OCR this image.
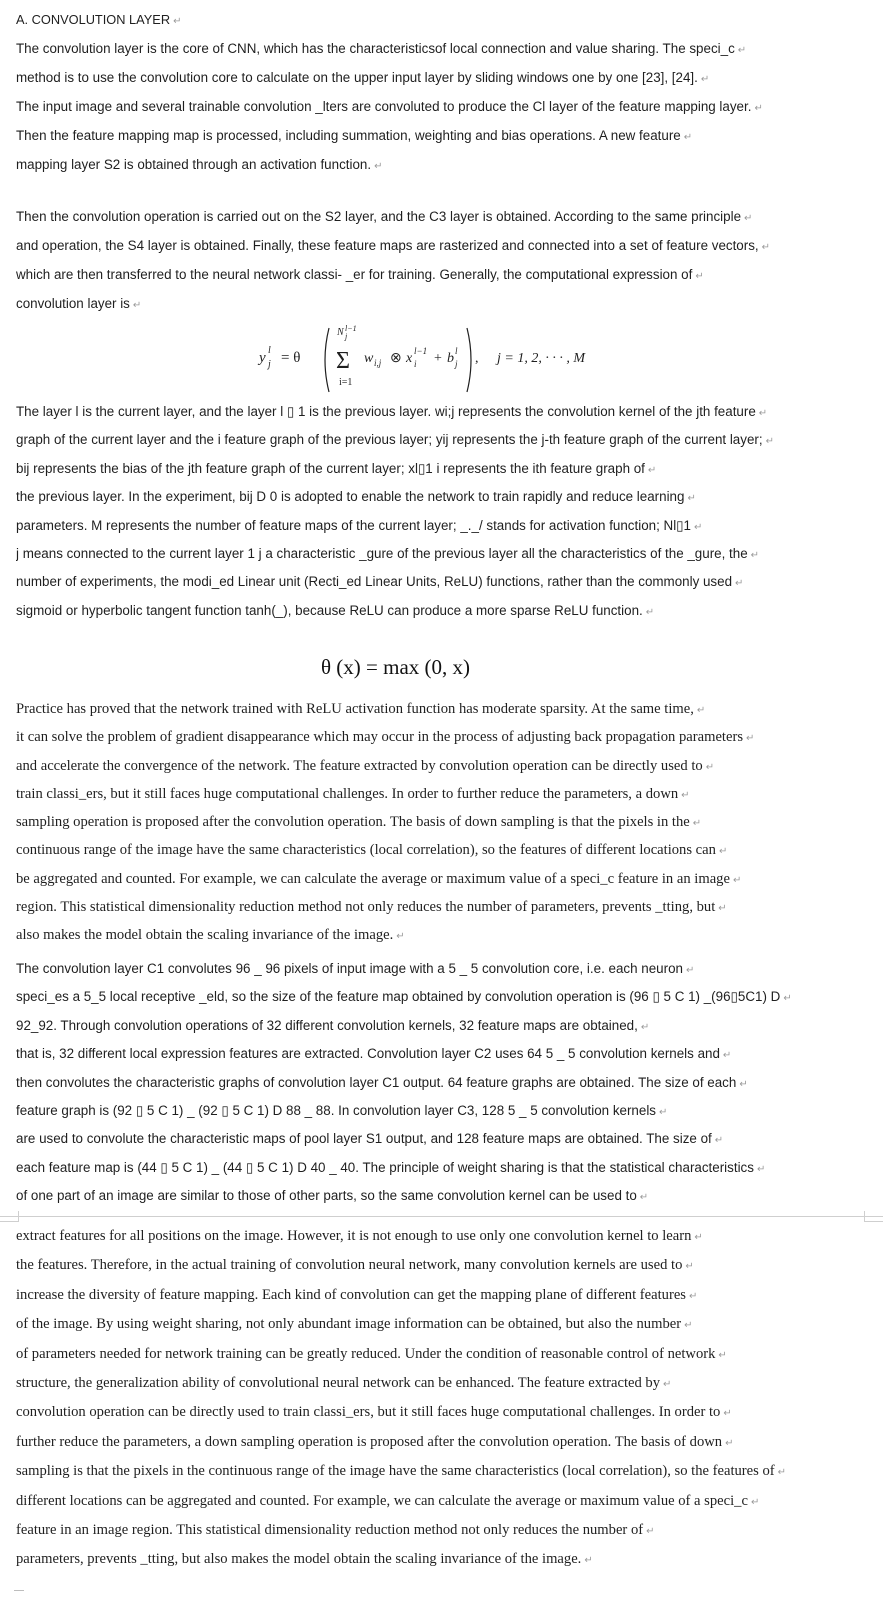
A. CONVOLUTION LAYER ↵
The convolution layer is the core of CNN, which has the characteristicsof local connection and value sharing. The speci_c ↵
method is to use the convolution core to calculate on the upper input layer by sliding windows one by one [23], [24]. ↵
The input image and several trainable convolution _lters are convoluted to produce the Cl layer of the feature mapping layer. ↵
Then the feature mapping map is processed, including summation, weighting and bias operations. A new feature ↵
mapping layer S2 is obtained through an activation function. ↵
Then the convolution operation is carried out on the S2 layer, and the C3 layer is obtained. According to the same principle ↵
and operation, the S4 layer is obtained. Finally, these feature maps are rasterized and connected into a set of feature vectors, ↵
which are then transferred to the neural network classi- _er for training. Generally, the computational expression of ↵
convolution layer is ↵
y l
j = θ
N l−1
j
Σ
i=1
w i,j ⊗ x l−1
i + b l
j , j = 1, 2, · · · , M
The layer l is the current layer, and the layer l ▯ 1 is the previous layer. wi;j represents the convolution kernel of the jth feature ↵
graph of the current layer and the i feature graph of the previous layer; yij represents the j-th feature graph of the current layer; ↵
bij represents the bias of the jth feature graph of the current layer; xl▯1 i represents the ith feature graph of ↵
the previous layer. In the experiment, bij D 0 is adopted to enable the network to train rapidly and reduce learning ↵
parameters. M represents the number of feature maps of the current layer; _._/ stands for activation function; Nl▯1 ↵
j means connected to the current layer 1 j a characteristic _gure of the previous layer all the characteristics of the _gure, the ↵
number of experiments, the modi_ed Linear unit (Recti_ed Linear Units, ReLU) functions, rather than the commonly used ↵
sigmoid or hyperbolic tangent function tanh(_), because ReLU can produce a more sparse ReLU function. ↵
θ (x) = max (0, x)
Practice has proved that the network trained with ReLU activation function has moderate sparsity. At the same time, ↵
it can solve the problem of gradient disappearance which may occur in the process of adjusting back propagation parameters ↵
and accelerate the convergence of the network. The feature extracted by convolution operation can be directly used to ↵
train classi_ers, but it still faces huge computational challenges. In order to further reduce the parameters, a down ↵
sampling operation is proposed after the convolution operation. The basis of down sampling is that the pixels in the ↵
continuous range of the image have the same characteristics (local correlation), so the features of different locations can ↵
be aggregated and counted. For example, we can calculate the average or maximum value of a speci_c feature in an image ↵
region. This statistical dimensionality reduction method not only reduces the number of parameters, prevents _tting, but ↵
also makes the model obtain the scaling invariance of the image. ↵
The convolution layer C1 convolutes 96 _ 96 pixels of input image with a 5 _ 5 convolution core, i.e. each neuron ↵
speci_es a 5_5 local receptive _eld, so the size of the feature map obtained by convolution operation is (96 ▯ 5 C 1) _(96▯5C1) D ↵
92_92. Through convolution operations of 32 different convolution kernels, 32 feature maps are obtained, ↵
that is, 32 different local expression features are extracted. Convolution layer C2 uses 64 5 _ 5 convolution kernels and ↵
then convolutes the characteristic graphs of convolution layer C1 output. 64 feature graphs are obtained. The size of each ↵
feature graph is (92 ▯ 5 C 1) _ (92 ▯ 5 C 1) D 88 _ 88. In convolution layer C3, 128 5 _ 5 convolution kernels ↵
are used to convolute the characteristic maps of pool layer S1 output, and 128 feature maps are obtained. The size of ↵
each feature map is (44 ▯ 5 C 1) _ (44 ▯ 5 C 1) D 40 _ 40. The principle of weight sharing is that the statistical characteristics ↵
of one part of an image are similar to those of other parts, so the same convolution kernel can be used to ↵
extract features for all positions on the image. However, it is not enough to use only one convolution kernel to learn ↵
the features. Therefore, in the actual training of convolution neural network, many convolution kernels are used to ↵
increase the diversity of feature mapping. Each kind of convolution can get the mapping plane of different features ↵
of the image. By using weight sharing, not only abundant image information can be obtained, but also the number ↵
of parameters needed for network training can be greatly reduced. Under the condition of reasonable control of network ↵
structure, the generalization ability of convolutional neural network can be enhanced. The feature extracted by ↵
convolution operation can be directly used to train classi_ers, but it still faces huge computational challenges. In order to ↵
further reduce the parameters, a down sampling operation is proposed after the convolution operation. The basis of down ↵
sampling is that the pixels in the continuous range of the image have the same characteristics (local correlation), so the features of ↵
different locations can be aggregated and counted. For example, we can calculate the average or maximum value of a speci_c ↵
feature in an image region. This statistical dimensionality reduction method not only reduces the number of ↵
parameters, prevents _tting, but also makes the model obtain the scaling invariance of the image. ↵
